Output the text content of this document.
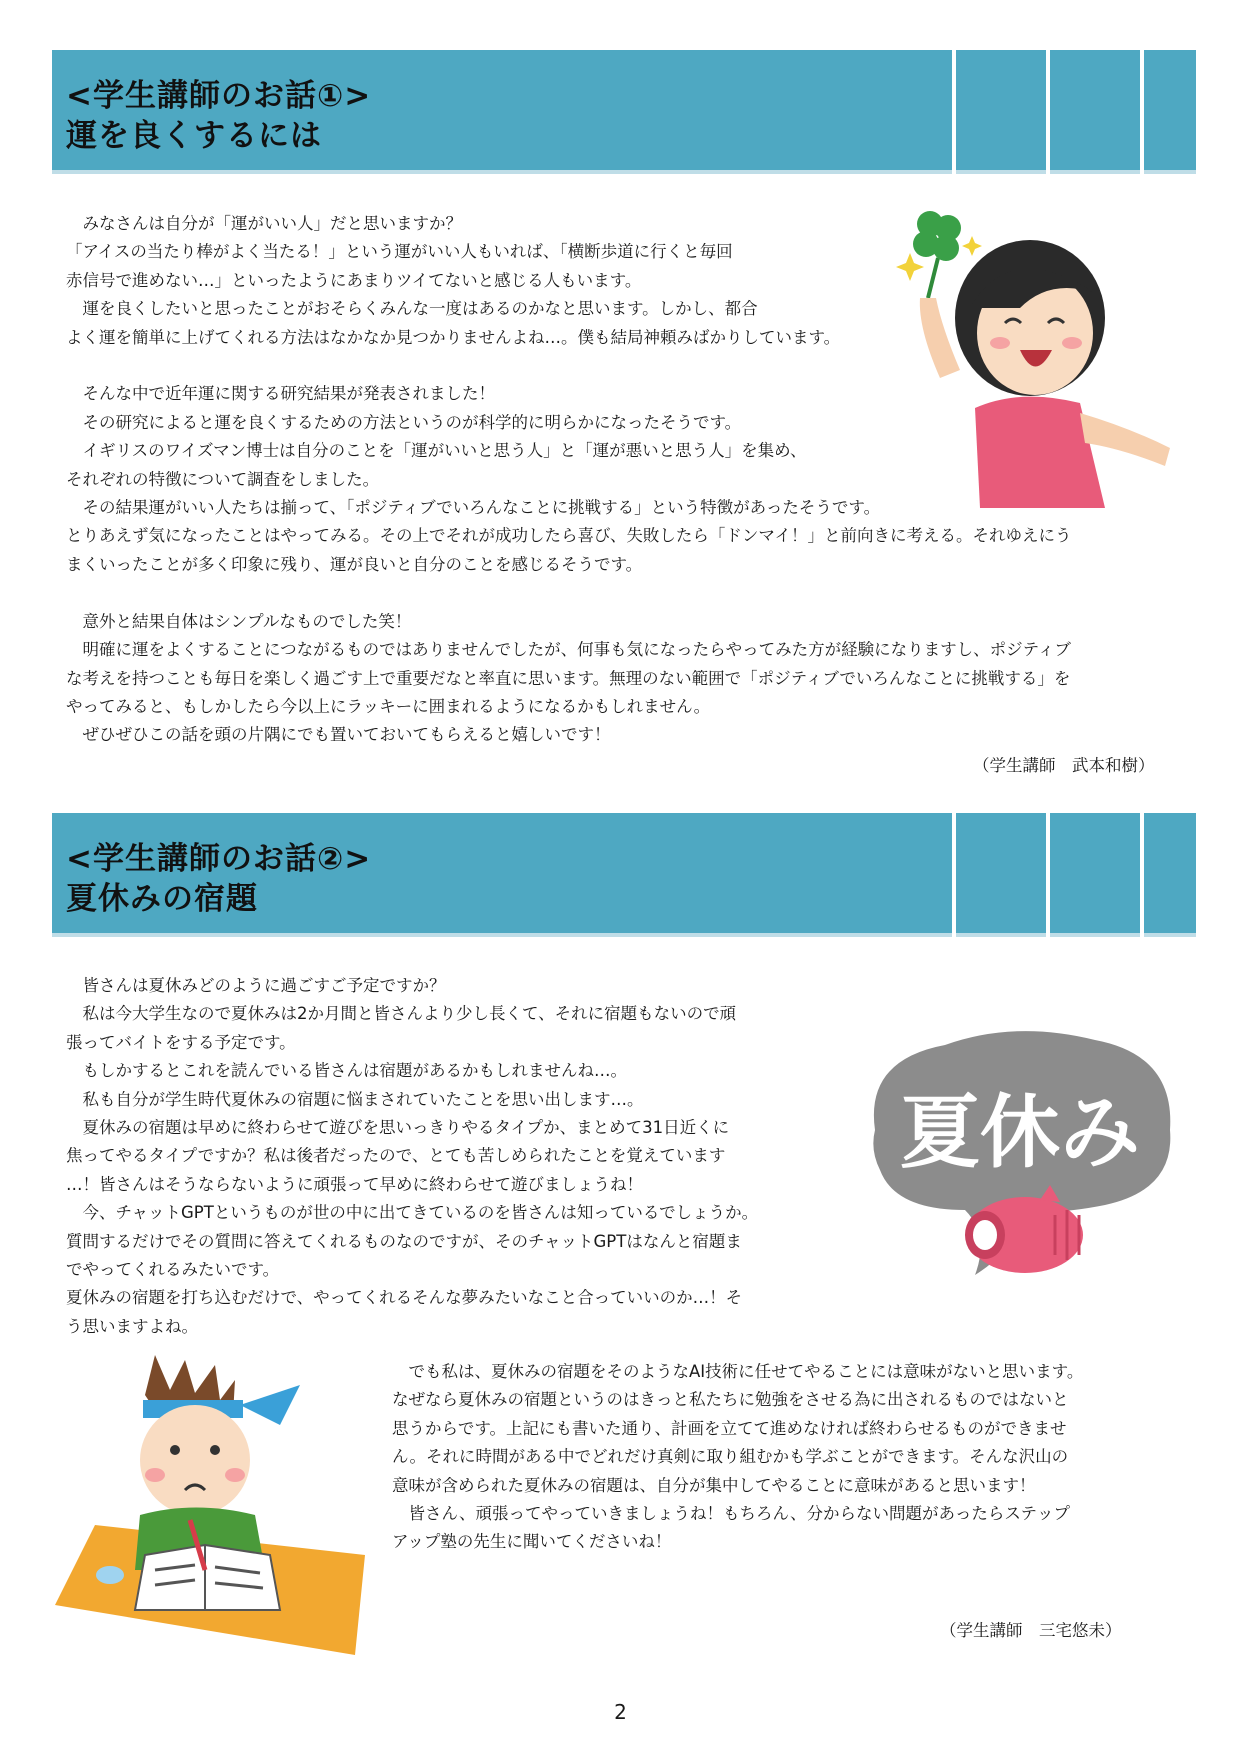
<学生講師のお話①>
運を良くするには

　みなさんは自分が「運がいい人」だと思いますか？

「アイスの当たり棒がよく当たる！」という運がいい人もいれば、「横断歩道に行くと毎回

赤信号で進めない…」といったようにあまりツイてないと感じる人もいます。

　運を良くしたいと思ったことがおそらくみんな一度はあるのかなと思います。しかし、都合

よく運を簡単に上げてくれる方法はなかなか見つかりませんよね…。僕も結局神頼みばかりしています。

　そんな中で近年運に関する研究結果が発表されました！

　その研究によると運を良くするための方法というのが科学的に明らかになったそうです。

　イギリスのワイズマン博士は自分のことを「運がいいと思う人」と「運が悪いと思う人」を集め、

それぞれの特徴について調査をしました。

　その結果運がいい人たちは揃って、「ポジティブでいろんなことに挑戦する」という特徴があったそうです。

とりあえず気になったことはやってみる。その上でそれが成功したら喜び、失敗したら「ドンマイ！」と前向きに考える。それゆえにう

まくいったことが多く印象に残り、運が良いと自分のことを感じるそうです。

　意外と結果自体はシンプルなものでした笑！

　明確に運をよくすることにつながるものではありませんでしたが、何事も気になったらやってみた方が経験になりますし、ポジティブ

な考えを持つことも毎日を楽しく過ごす上で重要だなと率直に思います。無理のない範囲で「ポジティブでいろんなことに挑戦する」を

やってみると、もしかしたら今以上にラッキーに囲まれるようになるかもしれません。

　ぜひぜひこの話を頭の片隅にでも置いておいてもらえると嬉しいです！

（学生講師　武本和樹）
<学生講師のお話②>
夏休みの宿題

　皆さんは夏休みどのように過ごすご予定ですか？

　私は今大学生なので夏休みは2か月間と皆さんより少し長くて、それに宿題もないので頑

張ってバイトをする予定です。

　もしかするとこれを読んでいる皆さんは宿題があるかもしれませんね…。

　私も自分が学生時代夏休みの宿題に悩まされていたことを思い出します…。

　夏休みの宿題は早めに終わらせて遊びを思いっきりやるタイプか、まとめて31日近くに

焦ってやるタイプですか？私は後者だったので、とても苦しめられたことを覚えています

…！皆さんはそうならないように頑張って早めに終わらせて遊びましょうね！

　今、チャットGPTというものが世の中に出てきているのを皆さんは知っているでしょうか。

質問するだけでその質問に答えてくれるものなのですが、そのチャットGPTはなんと宿題ま

でやってくれるみたいです。

夏休みの宿題を打ち込むだけで、やってくれるそんな夢みたいなこと合っていいのか…！そ

う思いますよね。

夏休み

　でも私は、夏休みの宿題をそのようなAI技術に任せてやることには意味がないと思います。

なぜなら夏休みの宿題というのはきっと私たちに勉強をさせる為に出されるものではないと

思うからです。上記にも書いた通り、計画を立てて進めなければ終わらせるものができませ

ん。それに時間がある中でどれだけ真剣に取り組むかも学ぶことができます。そんな沢山の

意味が含められた夏休みの宿題は、自分が集中してやることに意味があると思います！

　皆さん、頑張ってやっていきましょうね！もちろん、分からない問題があったらステップ

アップ塾の先生に聞いてくださいね！

（学生講師　三宅悠未）
2
